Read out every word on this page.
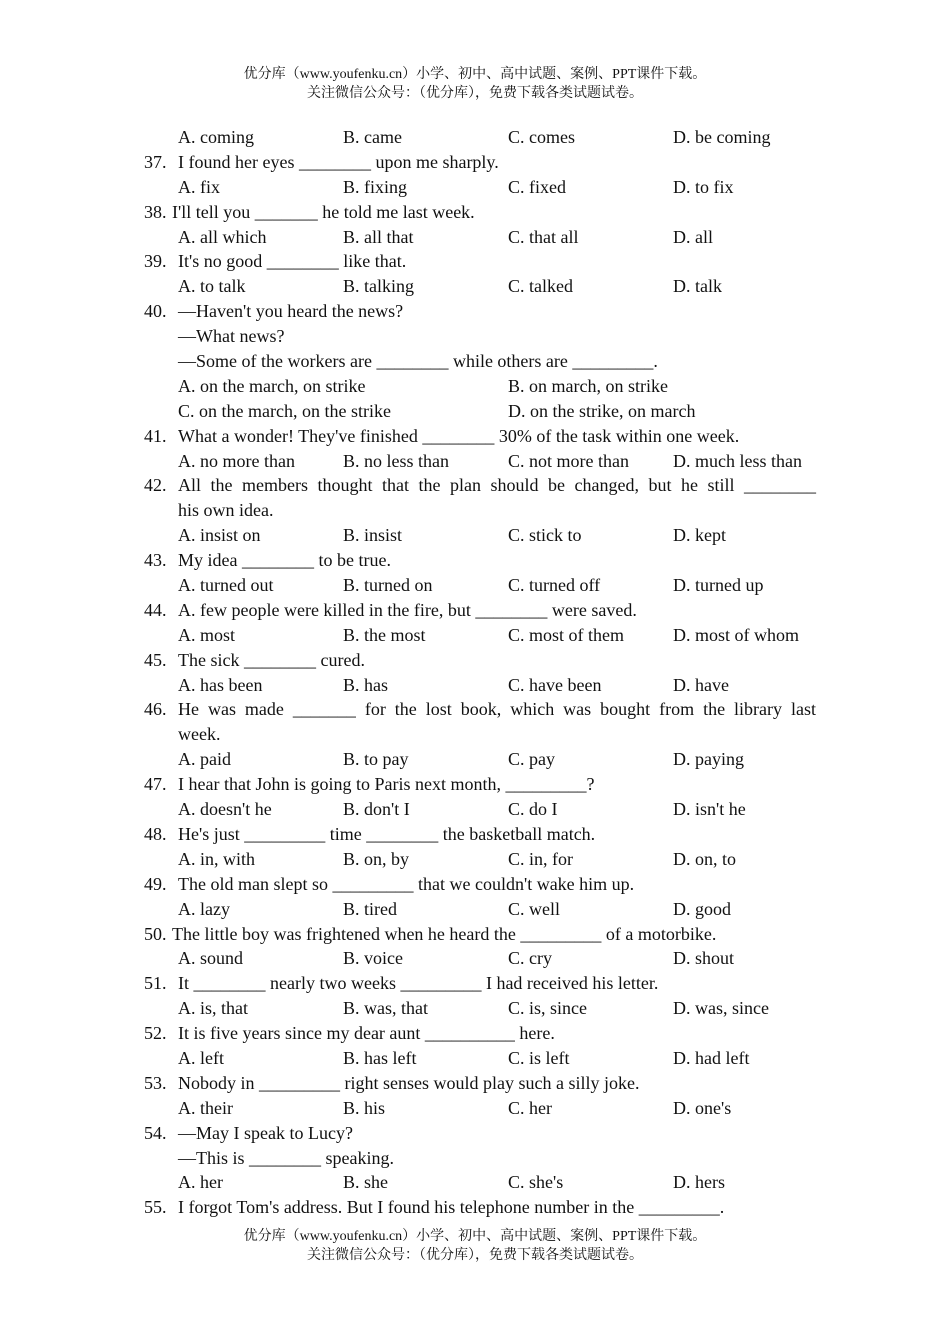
优分库（www.youfenku.cn）小学、初中、高中试题、案例、PPT课件下载。
关注微信公众号：（优分库），免费下载各类试题试卷。
A. coming	B. came	C. comes	D. be coming
37. I found her eyes ________ upon me sharply.
A. fix	B. fixing	C. fixed	D. to fix
38. I'll tell you _______ he told me last week.
A. all which	B. all that	C. that all	D. all
39. It's no good ________ like that.
A. to talk	B. talking	C. talked	D. talk
40. —Haven't you heard the news?
—What news?
—Some of the workers are ________ while others are _________.
A. on the march, on strike	B. on march, on strike
C. on the march, on the strike	D. on the strike, on march
41. What a wonder! They've finished ________ 30% of the task within one week.
A. no more than	B. no less than	C. not more than D. much less than
42. All the members thought that the plan should be changed, but he still ________
his own idea.
A. insist on	B. insist	C. stick to	D. kept
43. My idea ________ to be true.
A. turned out	B. turned on	C. turned off	D. turned up
44. A. few people were killed in the fire, but ________ were saved.
A. most	B. the most	C. most of them	D. most of whom
45. The sick ________ cured.
A. has been	B. has	C. have been	D. have
46. He was made _______ for the lost book, which was bought from the library last
week.
A. paid	B. to pay	C. pay	D. paying
47. I hear that John is going to Paris next month, _________?
A. doesn't he	B. don't I	C. do I	D. isn't he
48. He's just _________ time ________ the basketball match.
A. in, with	B. on, by	C. in, for	D. on, to
49. The old man slept so _________ that we couldn't wake him up.
A. lazy	B. tired	C. well	D. good
50. The little boy was frightened when he heard the _________ of a motorbike.
A. sound	B. voice	C. cry	D. shout
51. It ________ nearly two weeks _________ I had received his letter.
A. is, that	B. was, that	C. is, since	D. was, since
52. It is five years since my dear aunt __________ here.
A. left	B. has left	C. is left	D. had left
53. Nobody in _________ right senses would play such a silly joke.
A. their	B. his	C. her	D. one's
54. —May I speak to Lucy?
—This is ________ speaking.
A. her	B. she	C. she's	D. hers
55. I forgot Tom's address. But I found his telephone number in the _________.
优分库（www.youfenku.cn）小学、初中、高中试题、案例、PPT课件下载。
关注微信公众号：（优分库），免费下载各类试题试卷。
